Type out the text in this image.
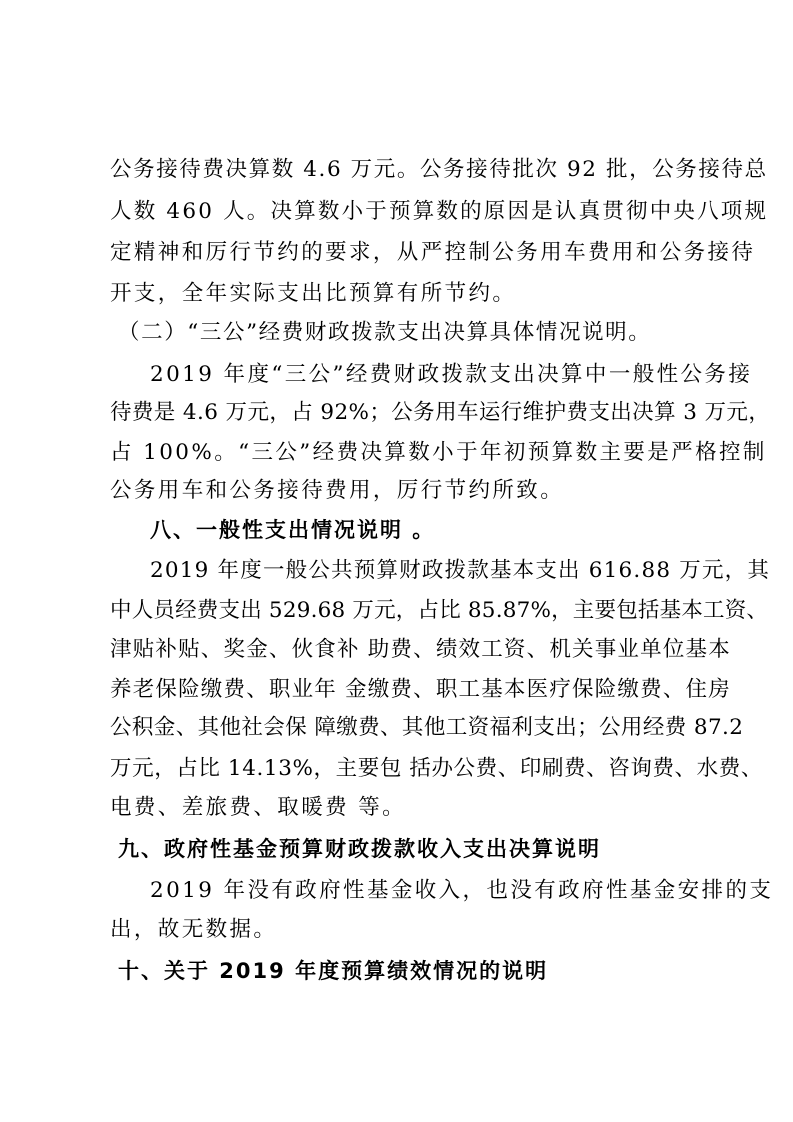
公务接待费决算数 4.6 万元。公务接待批次 92 批，公务接待总
人数 460 人。决算数小于预算数的原因是认真贯彻中央八项规
定精神和厉行节约的要求，从严控制公务用车费用和公务接待
开支，全年实际支出比预算有所节约。
（二）“三公”经费财政拨款支出决算具体情况说明。
2019 年度“三公”经费财政拨款支出决算中一般性公务接
待费是 4.6 万元，占 92%；公务用车运行维护费支出决算 3 万元，
占 100%。“三公”经费决算数小于年初预算数主要是严格控制
公务用车和公务接待费用，厉行节约所致。
八、一般性支出情况说明 。
2019 年度一般公共预算财政拨款基本支出 616.88 万元，其
中人员经费支出 529.68 万元，占比 85.87%，主要包括基本工资、
津贴补贴、奖金、伙食补 助费、绩效工资、机关事业单位基本
养老保险缴费、职业年 金缴费、职工基本医疗保险缴费、住房
公积金、其他社会保 障缴费、其他工资福利支出；公用经费 87.2
万元，占比 14.13%，主要包 括办公费、印刷费、咨询费、水费、
电费、差旅费、取暖费 等。
九、政府性基金预算财政拨款收入支出决算说明
2019 年没有政府性基金收入，也没有政府性基金安排的支
出，故无数据。
十、关于 2019 年度预算绩效情况的说明
